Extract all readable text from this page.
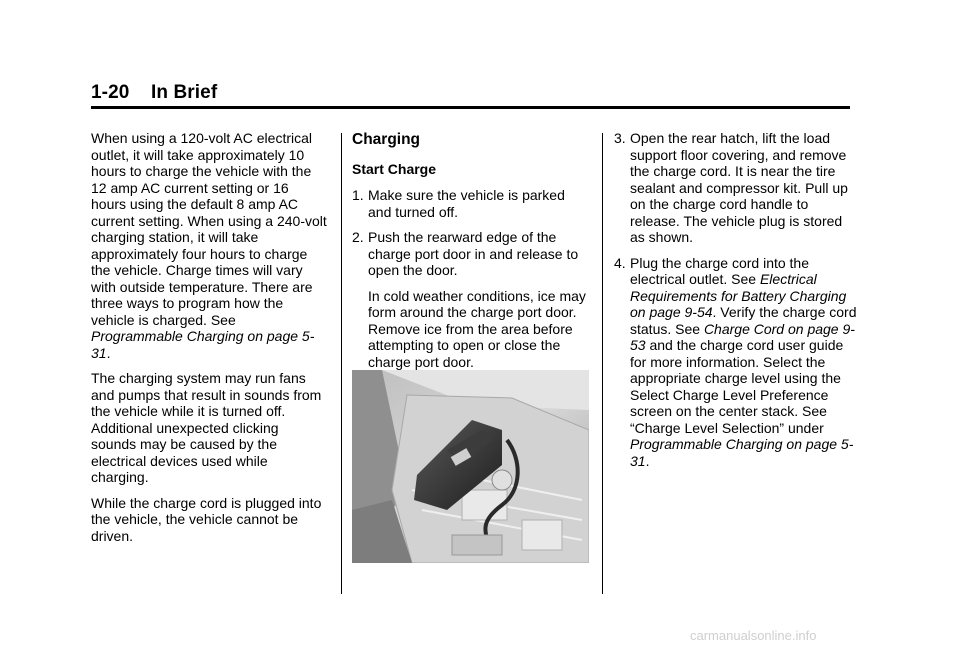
1-20 In Brief

When using a 120-volt AC electrical outlet, it will take approximately 10 hours to charge the vehicle with the 12 amp AC current setting or 16 hours using the default 8 amp AC current setting. When using a 240-volt charging station, it will take approximately four hours to charge the vehicle. Charge times will vary with outside temperature. There are three ways to program how the vehicle is charged. See Programmable Charging on page 5-31.

The charging system may run fans and pumps that result in sounds from the vehicle while it is turned off. Additional unexpected clicking sounds may be caused by the electrical devices used while charging.

While the charge cord is plugged into the vehicle, the vehicle cannot be driven.

Charging
Start Charge
1. Make sure the vehicle is parked and turned off.
2. Push the rearward edge of the charge port door in and release to open the door.

In cold weather conditions, ice may form around the charge port door. Remove ice from the area before attempting to open or close the charge port door.

3. Open the rear hatch, lift the load support floor covering, and remove the charge cord. It is near the tire sealant and compressor kit. Pull up on the charge cord handle to release. The vehicle plug is stored as shown.
4. Plug the charge cord into the electrical outlet. See Electrical Requirements for Battery Charging on page 9-54. Verify the charge cord status. See Charge Cord on page 9-53 and the charge cord user guide for more information. Select the appropriate charge level using the Select Charge Level Preference screen on the center stack. See “Charge Level Selection” under Programmable Charging on page 5-31.
carmanualsonline.info
